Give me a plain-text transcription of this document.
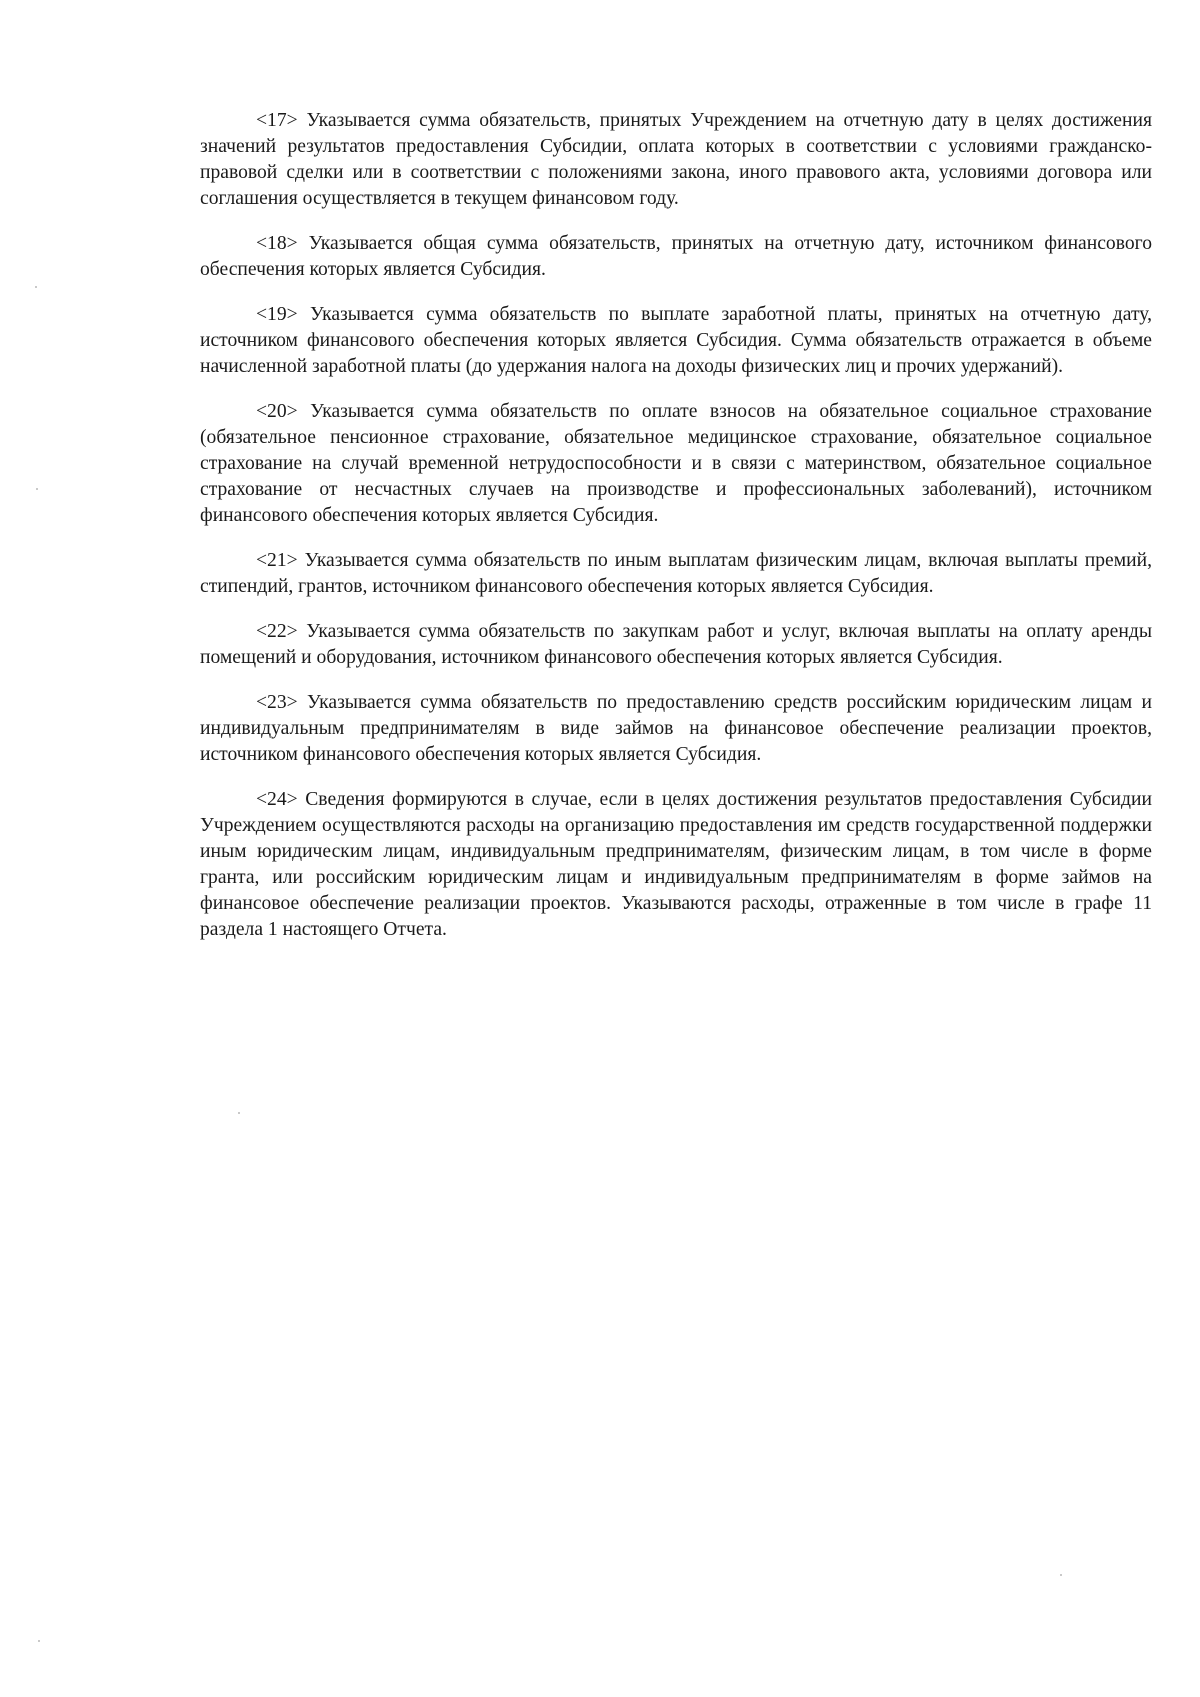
<17> Указывается сумма обязательств, принятых Учреждением на отчетную дату в целях достижения значений результатов предоставления Субсидии, оплата которых в соответствии с условиями гражданско-правовой сделки или в соответствии с положениями закона, иного правового акта, условиями договора или соглашения осуществляется в текущем финансовом году.

<18> Указывается общая сумма обязательств, принятых на отчетную дату, источником финансового обеспечения которых является Субсидия.

<19> Указывается сумма обязательств по выплате заработной платы, принятых на отчетную дату, источником финансового обеспечения которых является Субсидия. Сумма обязательств отражается в объеме начисленной заработной платы (до удержания налога на доходы физических лиц и прочих удержаний).

<20> Указывается сумма обязательств по оплате взносов на обязательное социальное страхование (обязательное пенсионное страхование, обязательное медицинское страхование, обязательное социальное страхование на случай временной нетрудоспособности и в связи с материнством, обязательное социальное страхование от несчастных случаев на производстве и профессиональных заболеваний), источником финансового обеспечения которых является Субсидия.

<21> Указывается сумма обязательств по иным выплатам физическим лицам, включая выплаты премий, стипендий, грантов, источником финансового обеспечения которых является Субсидия.

<22> Указывается сумма обязательств по закупкам работ и услуг, включая выплаты на оплату аренды помещений и оборудования, источником финансового обеспечения которых является Субсидия.

<23> Указывается сумма обязательств по предоставлению средств российским юридическим лицам и индивидуальным предпринимателям в виде займов на финансовое обеспечение реализации проектов, источником финансового обеспечения которых является Субсидия.

<24> Сведения формируются в случае, если в целях достижения результатов предоставления Субсидии Учреждением осуществляются расходы на организацию предоставления им средств государственной поддержки иным юридическим лицам, индивидуальным предпринимателям, физическим лицам, в том числе в форме гранта, или российским юридическим лицам и индивидуальным предпринимателям в форме займов на финансовое обеспечение реализации проектов. Указываются расходы, отраженные в том числе в графе 11 раздела 1 настоящего Отчета.
